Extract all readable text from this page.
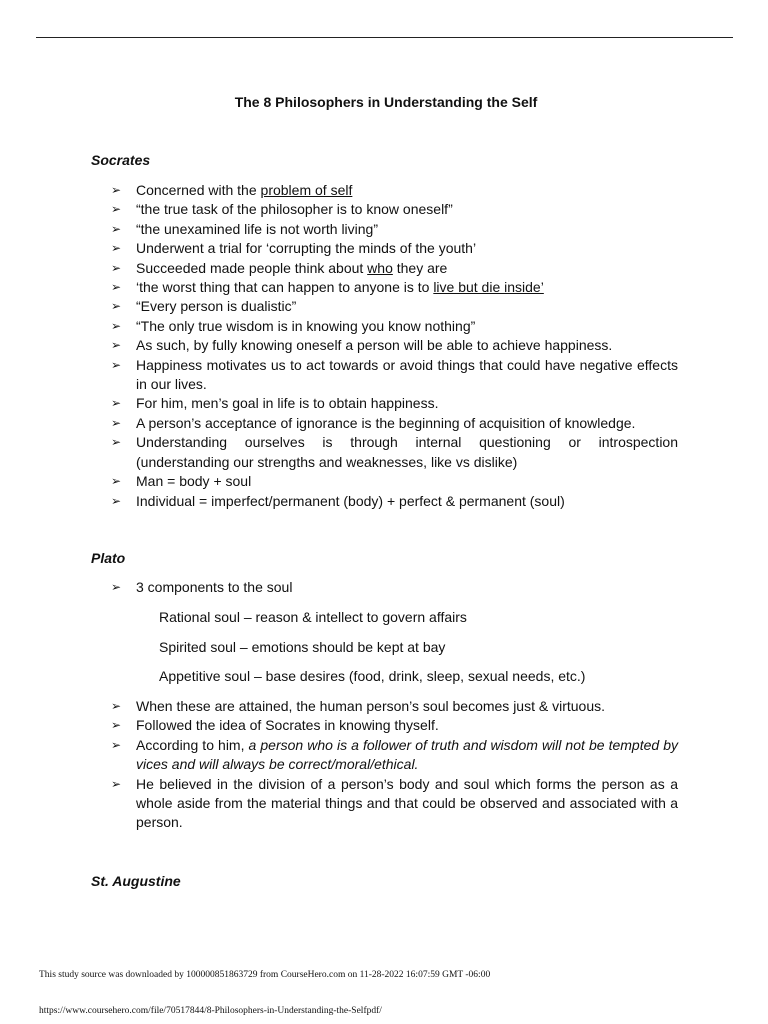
The 8 Philosophers in Understanding the Self
Socrates
➢ Concerned with the problem of self
➢ “the true task of the philosopher is to know oneself”
➢ “the unexamined life is not worth living”
➢ Underwent a trial for ‘corrupting the minds of the youth’
➢ Succeeded made people think about who they are
➢ ‘the worst thing that can happen to anyone is to live but die inside’
➢ “Every person is dualistic”
➢ “The only true wisdom is in knowing you know nothing”
➢ As such, by fully knowing oneself a person will be able to achieve happiness.
➢ Happiness motivates us to act towards or avoid things that could have negative effects in our lives.
➢ For him, men’s goal in life is to obtain happiness.
➢ A person’s acceptance of ignorance is the beginning of acquisition of knowledge.
➢ Understanding ourselves is through internal questioning or introspection (understanding our strengths and weaknesses, like vs dislike)
➢ Man = body + soul
➢ Individual = imperfect/permanent (body) + perfect & permanent (soul)
Plato
➢ 3 components to the soul
Rational soul – reason & intellect to govern affairs
Spirited soul – emotions should be kept at bay
Appetitive soul – base desires (food, drink, sleep, sexual needs, etc.)
➢ When these are attained, the human person’s soul becomes just & virtuous.
➢ Followed the idea of Socrates in knowing thyself.
➢ According to him, a person who is a follower of truth and wisdom will not be tempted by vices and will always be correct/moral/ethical.
➢ He believed in the division of a person’s body and soul which forms the person as a whole aside from the material things and that could be observed and associated with a person.
St. Augustine
This study source was downloaded by 100000851863729 from CourseHero.com on 11-28-2022 16:07:59 GMT -06:00
https://www.coursehero.com/file/70517844/8-Philosophers-in-Understanding-the-Selfpdf/
